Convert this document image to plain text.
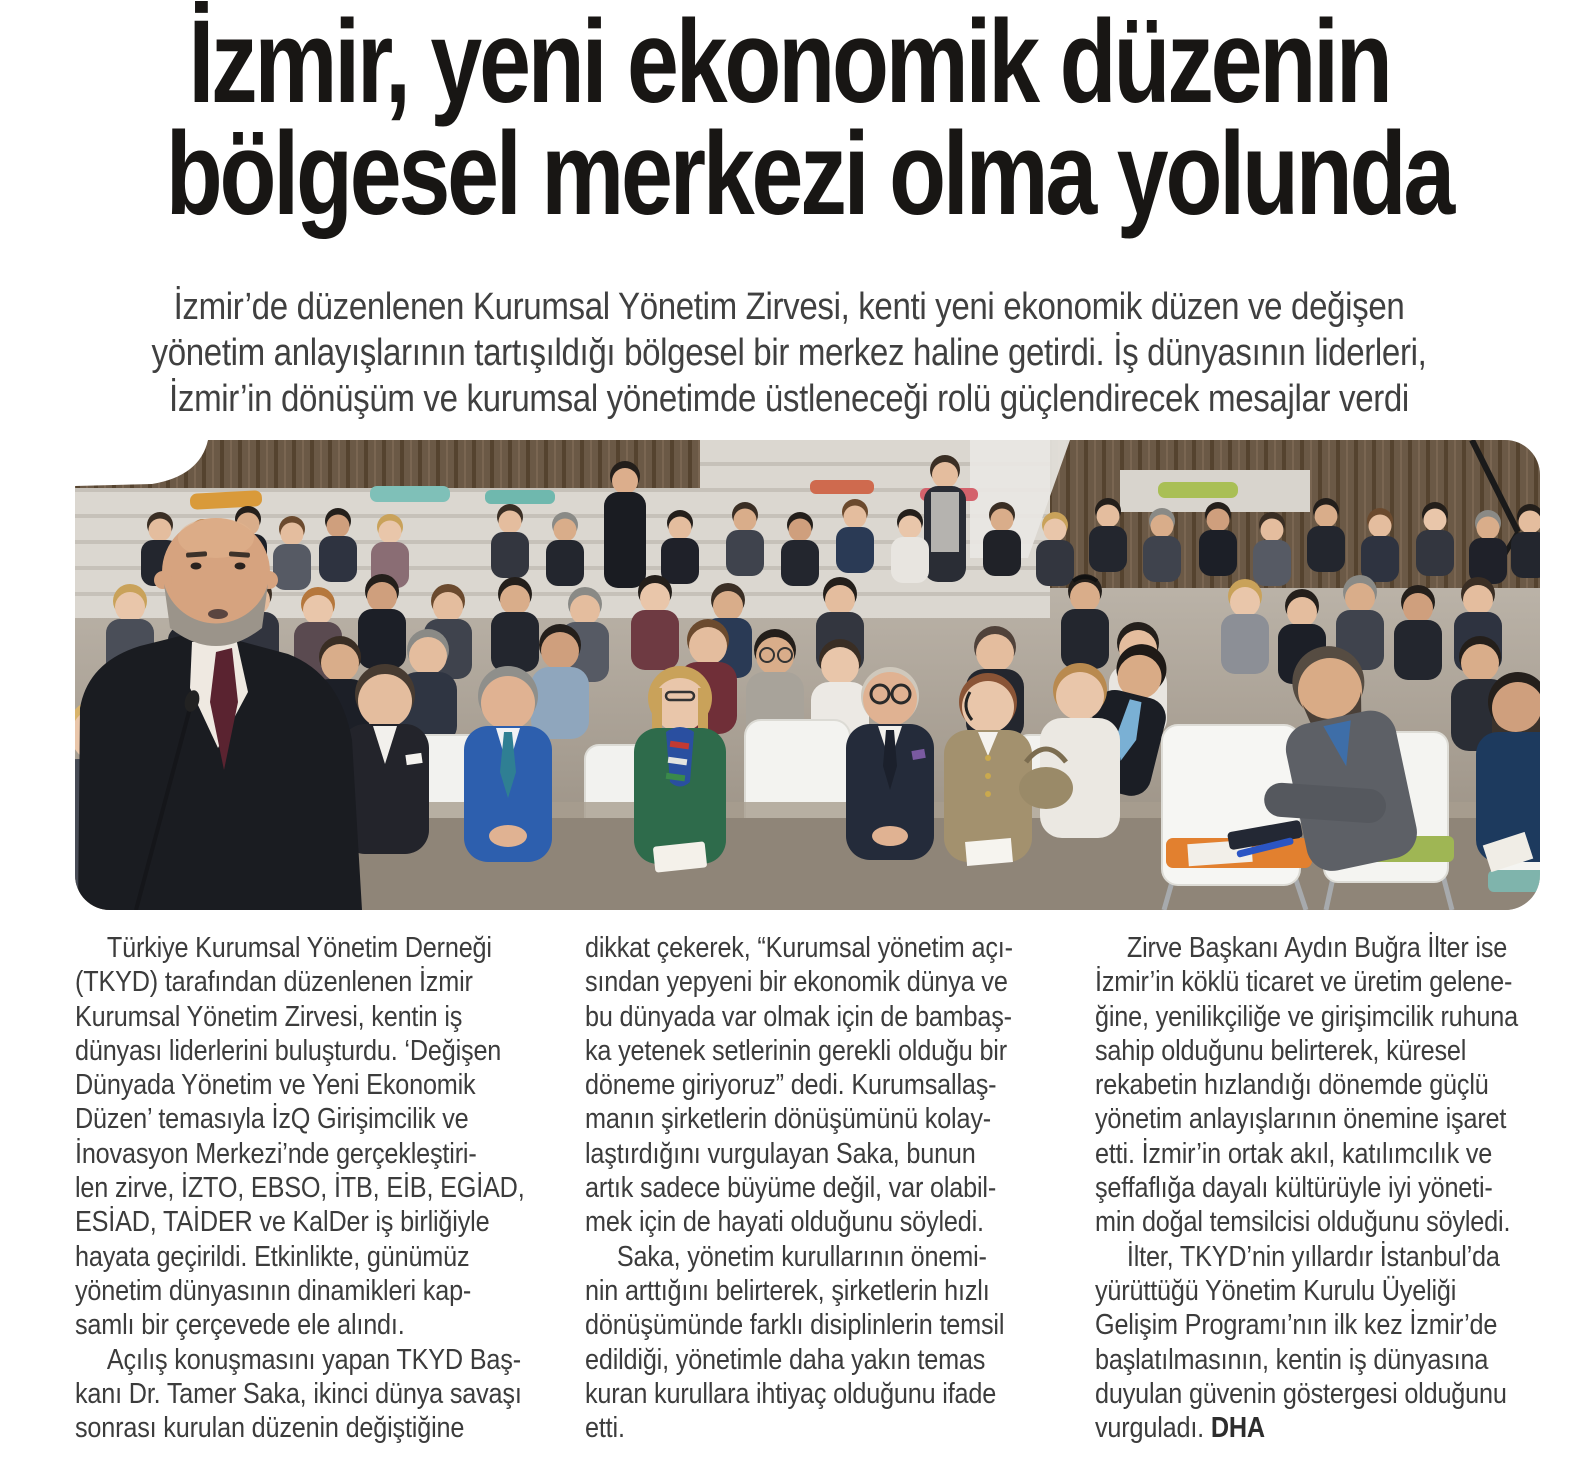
İzmir, yeni ekonomik düzenin
bölgesel merkezi olma yolunda
İzmir’de düzenlenen Kurumsal Yönetim Zirvesi, kenti yeni ekonomik düzen ve değişen
yönetim anlayışlarının tartışıldığı bölgesel bir merkez haline getirdi. İş dünyasının liderleri,
İzmir’in dönüşüm ve kurumsal yönetimde üstleneceği rolü güçlendirecek mesajlar verdi
Türkiye Kurumsal Yönetim Derneği
(TKYD) tarafından düzenlenen İzmir
Kurumsal Yönetim Zirvesi, kentin iş
dünyası liderlerini buluşturdu. ‘Değişen
Dünyada Yönetim ve Yeni Ekonomik
Düzen’ temasıyla İzQ Girişimcilik ve
İnovasyon Merkezi’nde gerçekleştiri-
len zirve, İZTO, EBSO, İTB, EİB, EGİAD,
ESİAD, TAİDER ve KalDer iş birliğiyle
hayata geçirildi. Etkinlikte, günümüz
yönetim dünyasının dinamikleri kap-
samlı bir çerçevede ele alındı.
Açılış konuşmasını yapan TKYD Baş-
kanı Dr. Tamer Saka, ikinci dünya savaşı
sonrası kurulan düzenin değiştiğine
dikkat çekerek, “Kurumsal yönetim açı-
sından yepyeni bir ekonomik dünya ve
bu dünyada var olmak için de bambaş-
ka yetenek setlerinin gerekli olduğu bir
döneme giriyoruz” dedi. Kurumsallaş-
manın şirketlerin dönüşümünü kolay-
laştırdığını vurgulayan Saka, bunun
artık sadece büyüme değil, var olabil-
mek için de hayati olduğunu söyledi.
Saka, yönetim kurullarının önemi-
nin arttığını belirterek, şirketlerin hızlı
dönüşümünde farklı disiplinlerin temsil
edildiği, yönetimle daha yakın temas
kuran kurullara ihtiyaç olduğunu ifade
etti.
Zirve Başkanı Aydın Buğra İlter ise
İzmir’in köklü ticaret ve üretim gelene-
ğine, yenilikçiliğe ve girişimcilik ruhuna
sahip olduğunu belirterek, küresel
rekabetin hızlandığı dönemde güçlü
yönetim anlayışlarının önemine işaret
etti. İzmir’in ortak akıl, katılımcılık ve
şeffaflığa dayalı kültürüyle iyi yöneti-
min doğal temsilcisi olduğunu söyledi.
İlter, TKYD’nin yıllardır İstanbul’da
yürüttüğü Yönetim Kurulu Üyeliği
Gelişim Programı’nın ilk kez İzmir’de
başlatılmasının, kentin iş dünyasına
duyulan güvenin göstergesi olduğunu
vurguladı. DHA
